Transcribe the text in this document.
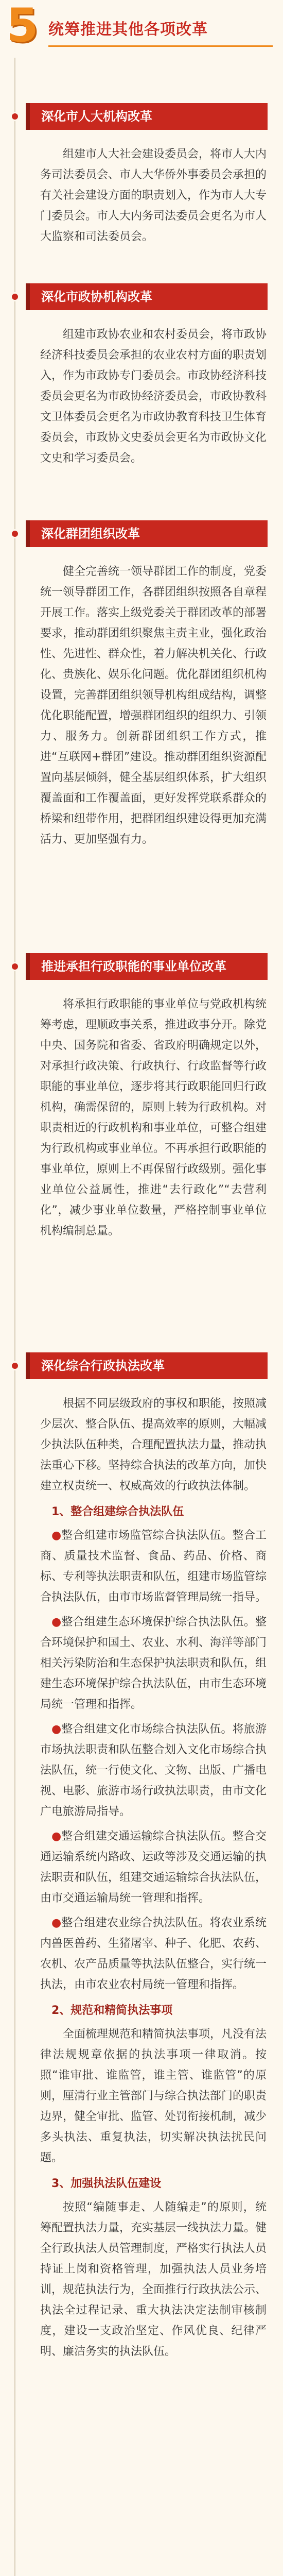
5 统筹推进其他各项改革
深化市人大机构改革

组建市人大社会建设委员会，将市人大内务司法委员会、市人大华侨外事委员会承担的有关社会建设方面的职责划入，作为市人大专门委员会。市人大内务司法委员会更名为市人大监察和司法委员会。

深化市政协机构改革

组建市政协农业和农村委员会，将市政协经济科技委员会承担的农业农村方面的职责划入，作为市政协专门委员会。市政协经济科技委员会更名为市政协经济委员会，市政协教科文卫体委员会更名为市政协教育科技卫生体育委员会，市政协文史委员会更名为市政协文化文史和学习委员会。

深化群团组织改革

健全完善统一领导群团工作的制度，党委统一领导群团工作，各群团组织按照各自章程开展工作。落实上级党委关于群团改革的部署要求，推动群团组织聚焦主责主业，强化政治性、先进性、群众性，着力解决机关化、行政化、贵族化、娱乐化问题。优化群团组织机构设置，完善群团组织领导机构组成结构，调整优化职能配置，增强群团组织的组织力、引领力、服务力。创新群团组织工作方式，推进“互联网+群团”建设。推动群团组织资源配置向基层倾斜，健全基层组织体系，扩大组织覆盖面和工作覆盖面，更好发挥党联系群众的桥梁和纽带作用，把群团组织建设得更加充满活力、更加坚强有力。

推进承担行政职能的事业单位改革

将承担行政职能的事业单位与党政机构统筹考虑，理顺政事关系，推进政事分开。除党中央、国务院和省委、省政府明确规定以外，对承担行政决策、行政执行、行政监督等行政职能的事业单位，逐步将其行政职能回归行政机构，确需保留的，原则上转为行政机构。对职责相近的行政机构和事业单位，可整合组建为行政机构或事业单位。不再承担行政职能的事业单位，原则上不再保留行政级别。强化事业单位公益属性，推进“去行政化”“去营利化”，减少事业单位数量，严格控制事业单位机构编制总量。

深化综合行政执法改革

根据不同层级政府的事权和职能，按照减少层次、整合队伍、提高效率的原则，大幅减少执法队伍种类，合理配置执法力量，推动执法重心下移。坚持综合执法的改革方向，加快建立权责统一、权威高效的行政执法体制。

1、整合组建综合执法队伍

●整合组建市场监管综合执法队伍。整合工商、质量技术监督、食品、药品、价格、商标、专利等执法职责和队伍，组建市场监管综合执法队伍，由市市场监督管理局统一指导。

●整合组建生态环境保护综合执法队伍。整合环境保护和国土、农业、水利、海洋等部门相关污染防治和生态保护执法职责和队伍，组建生态环境保护综合执法队伍，由市生态环境局统一管理和指挥。

●整合组建文化市场综合执法队伍。将旅游市场执法职责和队伍整合划入文化市场综合执法队伍，统一行使文化、文物、出版、广播电视、电影、旅游市场行政执法职责，由市文化广电旅游局指导。

●整合组建交通运输综合执法队伍。整合交通运输系统内路政、运政等涉及交通运输的执法职责和队伍，组建交通运输综合执法队伍，由市交通运输局统一管理和指挥。

●整合组建农业综合执法队伍。将农业系统内兽医兽药、生猪屠宰、种子、化肥、农药、农机、农产品质量等执法队伍整合，实行统一执法，由市农业农村局统一管理和指挥。

2、规范和精简执法事项

全面梳理规范和精简执法事项，凡没有法律法规规章依据的执法事项一律取消。按照“谁审批、谁监管，谁主管、谁监管”的原则，厘清行业主管部门与综合执法部门的职责边界，健全审批、监管、处罚衔接机制，减少多头执法、重复执法，切实解决执法扰民问题。

3、加强执法队伍建设

按照“编随事走、人随编走”的原则，统筹配置执法力量，充实基层一线执法力量。健全行政执法人员管理制度，严格实行执法人员持证上岗和资格管理，加强执法人员业务培训，规范执法行为，全面推行行政执法公示、执法全过程记录、重大执法决定法制审核制度，建设一支政治坚定、作风优良、纪律严明、廉洁务实的执法队伍。
